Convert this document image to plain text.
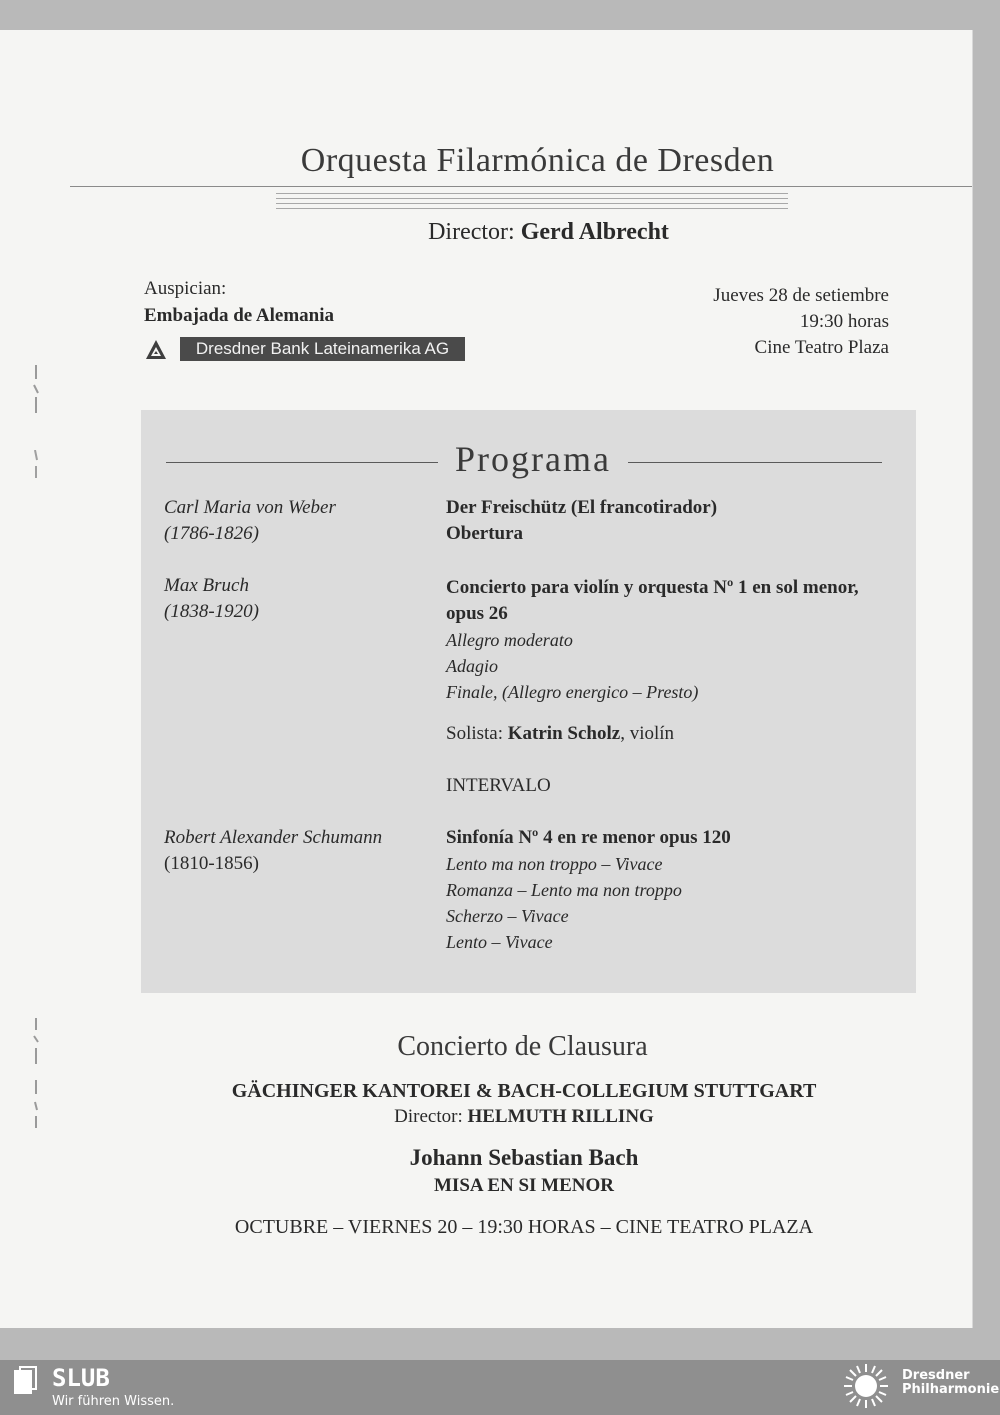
Orquesta Filarmónica de Dresden
Director: Gerd Albrecht
Auspician:
Embajada de Alemania
Dresdner Bank Lateinamerika AG
Jueves 28 de setiembre
19:30 horas
Cine Teatro Plaza
Programa
Carl Maria von Weber
(1786-1826)
Der Freischütz (El francotirador)
Obertura
Max Bruch
(1838-1920)
Concierto para violín y orquesta Nº 1 en sol menor,
opus 26
Allegro moderato
Adagio
Finale, (Allegro energico – Presto)
Solista: Katrin Scholz, violín
INTERVALO
Robert Alexander Schumann
(1810-1856)
Sinfonía Nº 4 en re menor opus 120
Lento ma non troppo – Vivace
Romanza – Lento ma non troppo
Scherzo – Vivace
Lento – Vivace
Concierto de Clausura
GÄCHINGER KANTOREI & BACH-COLLEGIUM STUTTGART
Director: HELMUTH RILLING
Johann Sebastian Bach
MISA EN SI MENOR
OCTUBRE – VIERNES 20 – 19:30 HORAS – CINE TEATRO PLAZA
SLUB
Wir führen Wissen.
Dresdner
Philharmonie
